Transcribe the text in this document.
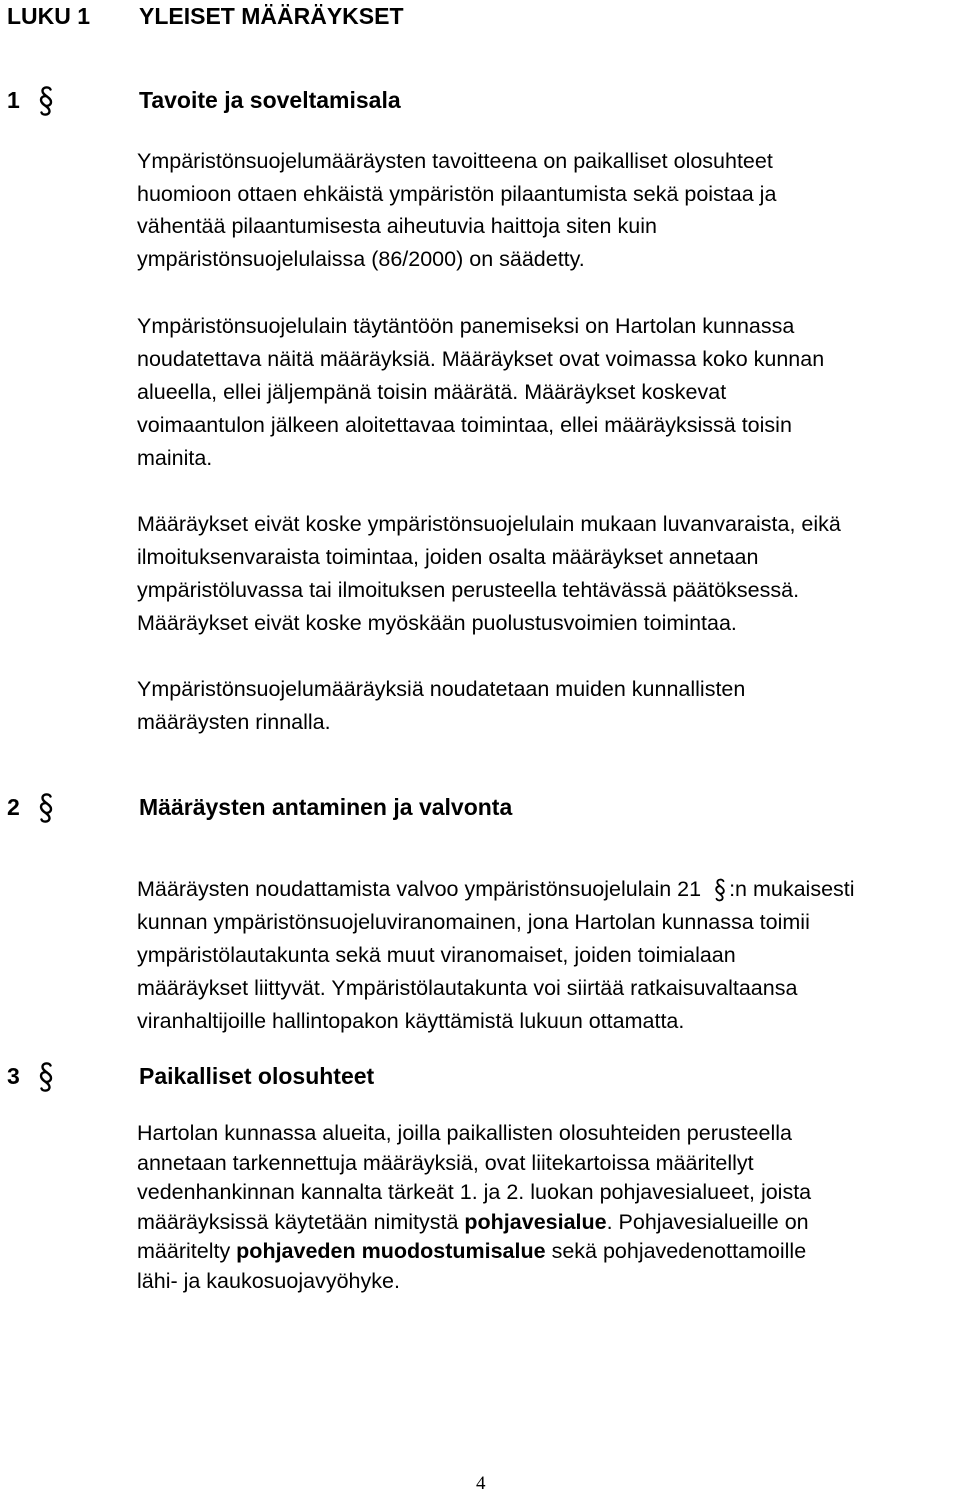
LUKU 1 YLEISET MÄÄRÄYKSET
1	Tavoite ja soveltamisala
Ympäristönsuojelumääräysten tavoitteena on paikalliset olosuhteet
huomioon ottaen ehkäistä ympäristön pilaantumista sekä poistaa ja
vähentää pilaantumisesta aiheutuvia haittoja siten kuin
ympäristönsuojelulaissa (86/2000) on säädetty.
Ympäristönsuojelulain täytäntöön panemiseksi on Hartolan kunnassa
noudatettava näitä määräyksiä. Määräykset ovat voimassa koko kunnan
alueella, ellei jäljempänä toisin määrätä. Määräykset koskevat
voimaantulon jälkeen aloitettavaa toimintaa, ellei määräyksissä toisin
mainita.
Määräykset eivät koske ympäristönsuojelulain mukaan luvanvaraista, eikä
ilmoituksenvaraista toimintaa, joiden osalta määräykset annetaan
ympäristöluvassa tai ilmoituksen perusteella tehtävässä päätöksessä.
Määräykset eivät koske myöskään puolustusvoimien toimintaa.
Ympäristönsuojelumääräyksiä noudatetaan muiden kunnallisten
määräysten rinnalla.
2	Määräysten antaminen ja valvonta
Määräysten noudattamista valvoo ympäristönsuojelulain 21 :n mukaisesti
kunnan ympäristönsuojeluviranomainen, jona Hartolan kunnassa toimii
ympäristölautakunta sekä muut viranomaiset, joiden toimialaan
määräykset liittyvät. Ympäristölautakunta voi siirtää ratkaisuvaltaansa
viranhaltijoille hallintopakon käyttämistä lukuun ottamatta.
3	Paikalliset olosuhteet
Hartolan kunnassa alueita, joilla paikallisten olosuhteiden perusteella
annetaan tarkennettuja määräyksiä, ovat liitekartoissa määritellyt
vedenhankinnan kannalta tärkeät 1. ja 2. luokan pohjavesialueet, joista
määräyksissä käytetään nimitystä pohjavesialue. Pohjavesialueille on
määritelty pohjaveden muodostumisalue sekä pohjavedenottamoille
lähi- ja kaukosuojavyöhyke.
4
